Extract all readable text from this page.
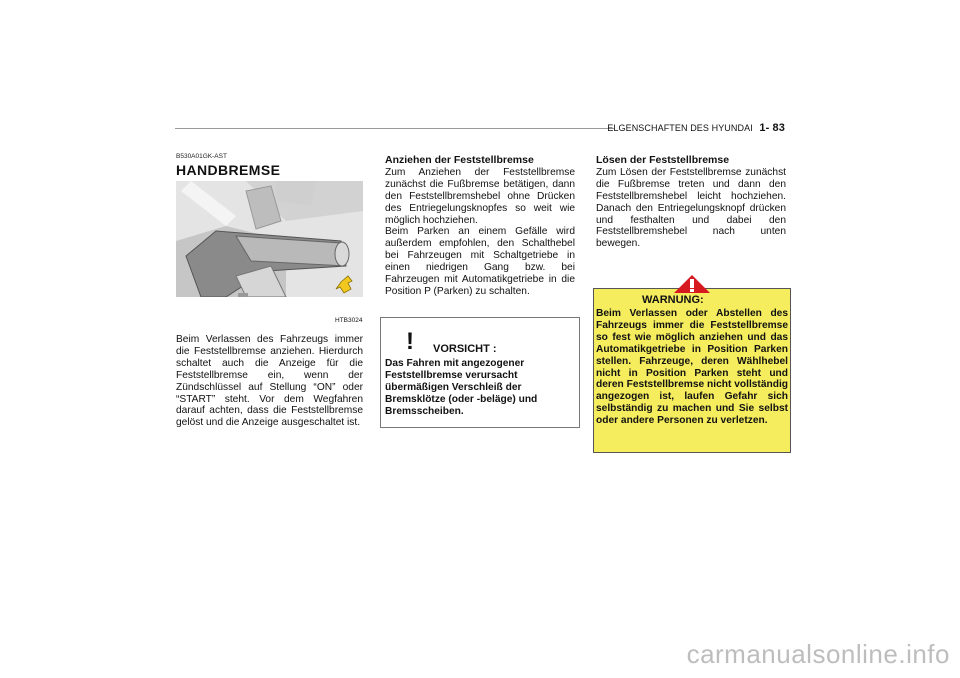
ELGENSCHAFTEN DES HYUNDAI 1- 83
B530A01GK-AST
HANDBREMSE
HTB3024
Beim Verlassen des Fahrzeugs immer die Feststellbremse anziehen. Hierdurch schaltet auch die Anzeige für die Feststellbremse ein, wenn der Zündschlüssel auf Stellung “ON” oder “START” steht. Vor dem Wegfahren darauf achten, dass die Feststellbremse gelöst und die Anzeige ausgeschaltet ist.
Anziehen der Feststellbremse
Zum Anziehen der Feststellbremse zunächst die Fußbremse betätigen, dann den Feststellbremshebel ohne Drücken des Entriegelungsknopfes so weit wie möglich hochziehen.
Beim Parken an einem Gefälle wird außerdem empfohlen, den Schalthebel bei Fahrzeugen mit Schaltgetriebe in einen niedrigen Gang bzw. bei Fahrzeugen mit Automatikgetriebe in die Position P (Parken) zu schalten.
! VORSICHT :
Das Fahren mit angezogener Feststellbremse verursacht übermäßigen Verschleiß der Bremsklötze (oder -beläge) und Bremsscheiben.
Lösen der Feststellbremse
Zum Lösen der Feststellbremse zunächst die Fußbremse treten und dann den Feststellbremshebel leicht hochziehen. Danach den Entriegelungsknopf drücken und festhalten und dabei den Feststellbremshebel nach unten bewegen.
WARNUNG:
Beim Verlassen oder Abstellen des Fahrzeugs immer die Feststellbremse so fest wie möglich anziehen und das Automatikgetriebe in Position Parken stellen. Fahrzeuge, deren Wählhebel nicht in Position Parken steht und deren Feststellbremse nicht vollständig angezogen ist, laufen Gefahr sich selbständig zu machen und Sie selbst oder andere Personen zu verletzen.
carmanualsonline.info
